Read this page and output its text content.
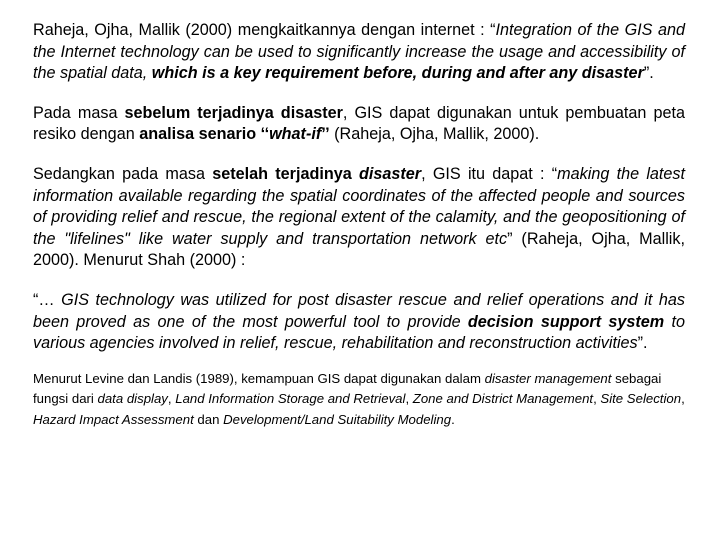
Raheja, Ojha, Mallik (2000) mengkaitkannya dengan internet : “Integration of the GIS and the Internet technology can be used to significantly increase the usage and accessibility of the spatial data, which is a key requirement before, during and after any disaster”.

Pada masa sebelum terjadinya disaster, GIS dapat digunakan untuk pembuatan peta resiko dengan analisa senario ‘‘what-if’’ (Raheja, Ojha, Mallik, 2000).

Sedangkan pada masa setelah terjadinya disaster, GIS itu dapat : “making the latest information available regarding the spatial coordinates of the affected people and sources of providing relief and rescue, the regional extent of the calamity, and the geopositioning of the "lifelines" like water supply and transportation network etc” (Raheja, Ojha, Mallik, 2000). Menurut Shah (2000) :

“… GIS technology was utilized for post disaster rescue and relief operations and it has been proved as one of the most powerful tool to provide decision support system to various agencies involved in relief, rescue, rehabilitation and reconstruction activities”.

Menurut Levine dan Landis (1989), kemampuan GIS dapat digunakan dalam disaster management sebagai fungsi dari data display, Land Information Storage and Retrieval, Zone and District Management, Site Selection, Hazard Impact Assessment dan Development/Land Suitability Modeling.
